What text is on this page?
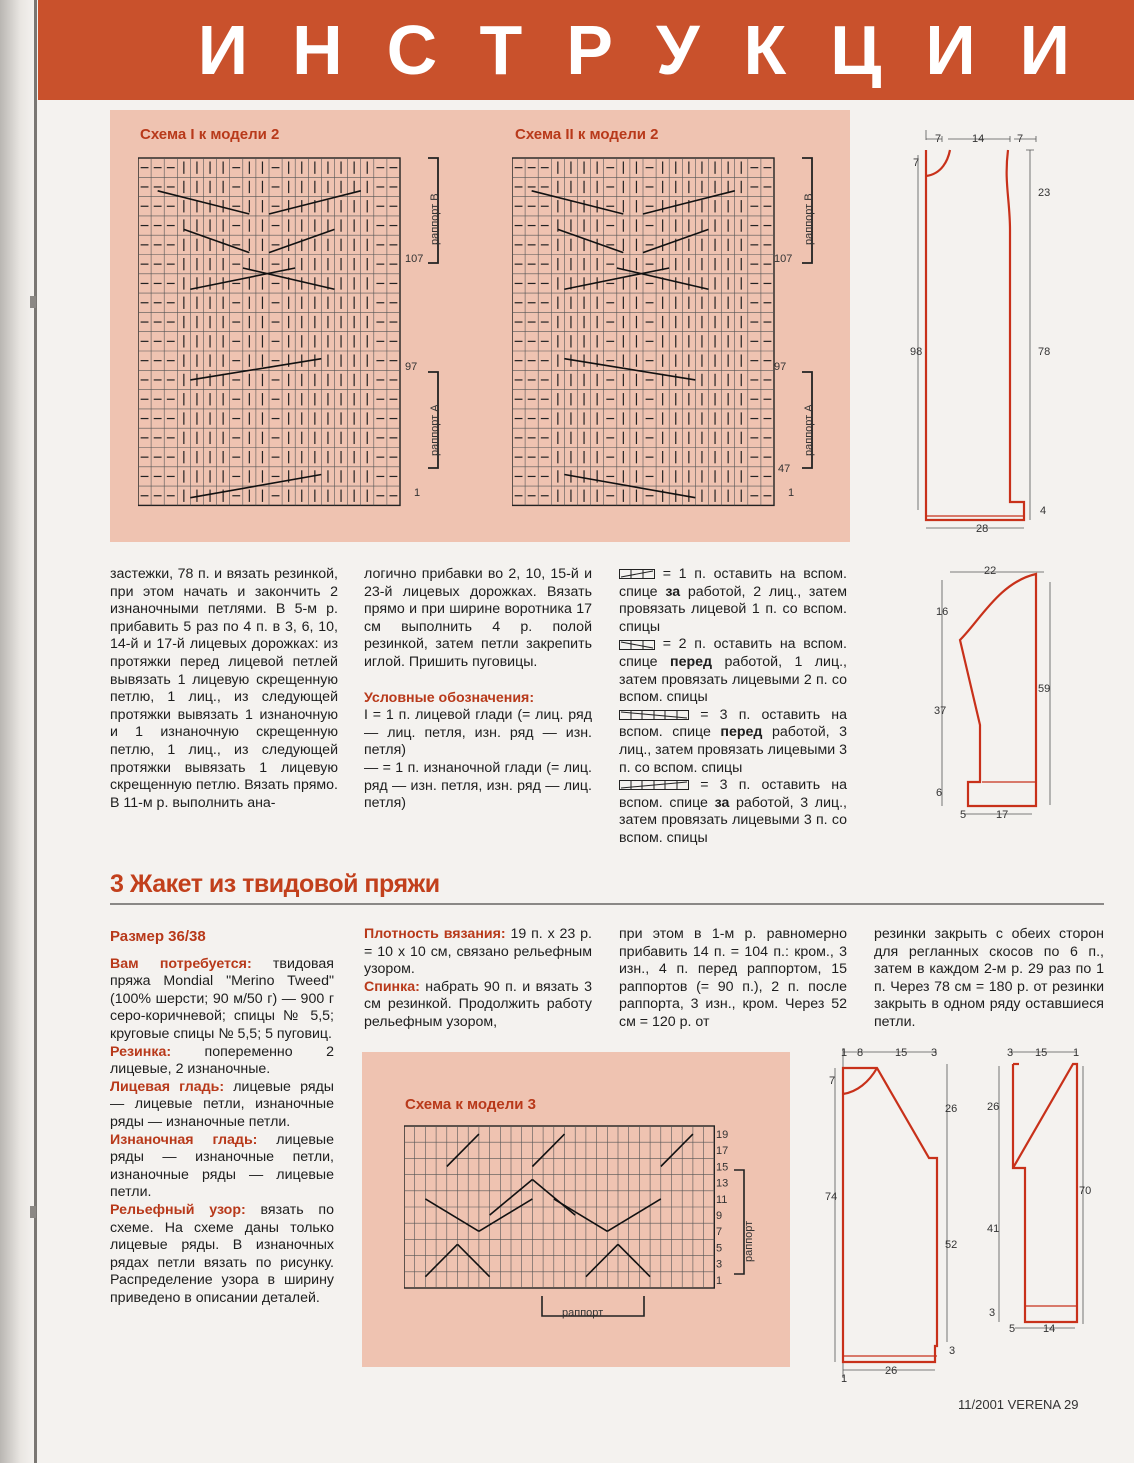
ИНСТРУКЦИИ
Схема I к модели 2	Схема II к модели 2
107
97
1
раппорт В
раппорт А
107
97
47
1
раппорт В
раппорт А
7	14	7
7
23
98	78
4
28
22
16
59
37
6
5	17

застежки, 78 п. и вязать резинкой, при этом начать и закончить 2 изнаночными петлями. В 5-м р. прибавить 5 раз по 4 п. в 3, 6, 10, 14-й и 17-й лицевых дорожках: из протяжки перед лицевой петлей вывязать 1 лицевую скрещенную петлю, 1 лиц., из следующей протяжки вывязать 1 изнаночную и 1 изнаночную скрещенную петлю, 1 лиц., из следующей протяжки вывязать 1 лицевую скрещенную петлю. Вязать прямо. В 11-м р. выполнить ана-

логично прибавки во 2, 10, 15-й и 23-й лицевых дорожках. Вязать прямо и при ширине воротника 17 см выполнить 4 р. полой резинкой, затем петли закрепить иглой. Пришить пуговицы.

Условные обозначения:

I = 1 п. лицевой глади (= лиц. ряд — лиц. петля, изн. ряд — изн. петля)

— = 1 п. изнаночной глади (= лиц. ряд — изн. петля, изн. ряд — лиц. петля)

= 1 п. оставить на вспом. спице за работой, 2 лиц., затем провязать лицевой 1 п. со вспом. спицы

= 2 п. оставить на вспом. спице перед работой, 1 лиц., затем провязать лицевыми 2 п. со вспом. спицы

= 3 п. оставить на вспом. спице перед работой, 3 лиц., затем провязать лицевыми 3 п. со вспом. спицы

= 3 п. оставить на вспом. спице за работой, 3 лиц., затем провязать лицевыми 3 п. со вспом. спицы

3 Жакет из твидовой пряжи

Размер 36/38

Вам потребуется: твидовая пряжа Mondial "Merino Tweed" (100% шерсти; 90 м/50 г) — 900 г серо-коричневой; спицы № 5,5; круговые спицы № 5,5; 5 пуговиц.

Резинка: попеременно 2 лицевые, 2 изнаночные.

Лицевая гладь: лицевые ряды — лицевые петли, изнаночные ряды — изнаночные петли.

Изнаночная гладь: лицевые ряды — изнаночные петли, изнаночные ряды — лицевые петли.

Рельефный узор: вязать по схеме. На схеме даны только лицевые ряды. В изнаночных рядах петли вязать по рисунку. Распределение узора в ширину приведено в описании деталей.

Плотность вязания: 19 п. х 23 р. = 10 х 10 см, связано рельефным узором.

Спинка: набрать 90 п. и вязать 3 см резинкой. Продолжить работу рельефным узором,

при этом в 1-м р. равномерно прибавить 14 п. = 104 п.: кром., 3 изн., 4 п. перед раппортом, 15 раппортов (= 90 п.), 2 п. после раппорта, 3 изн., кром. Через 52 см = 120 р. от

резинки закрыть с обеих сторон для регланных скосов по 6 п., затем в каждом 2-м р. 29 раз по 1 п. Через 78 см = 180 р. от резинки закрыть в одном ряду оставшиеся петли.

Схема к модели 3
19
17
15
13
11
9
7
5
3
1
раппорт
раппорт
1 8	15 3
7
26
74
52
3
26
1
3 15 1
26
70
41
3
5	14
11/2001 VERENA 29
